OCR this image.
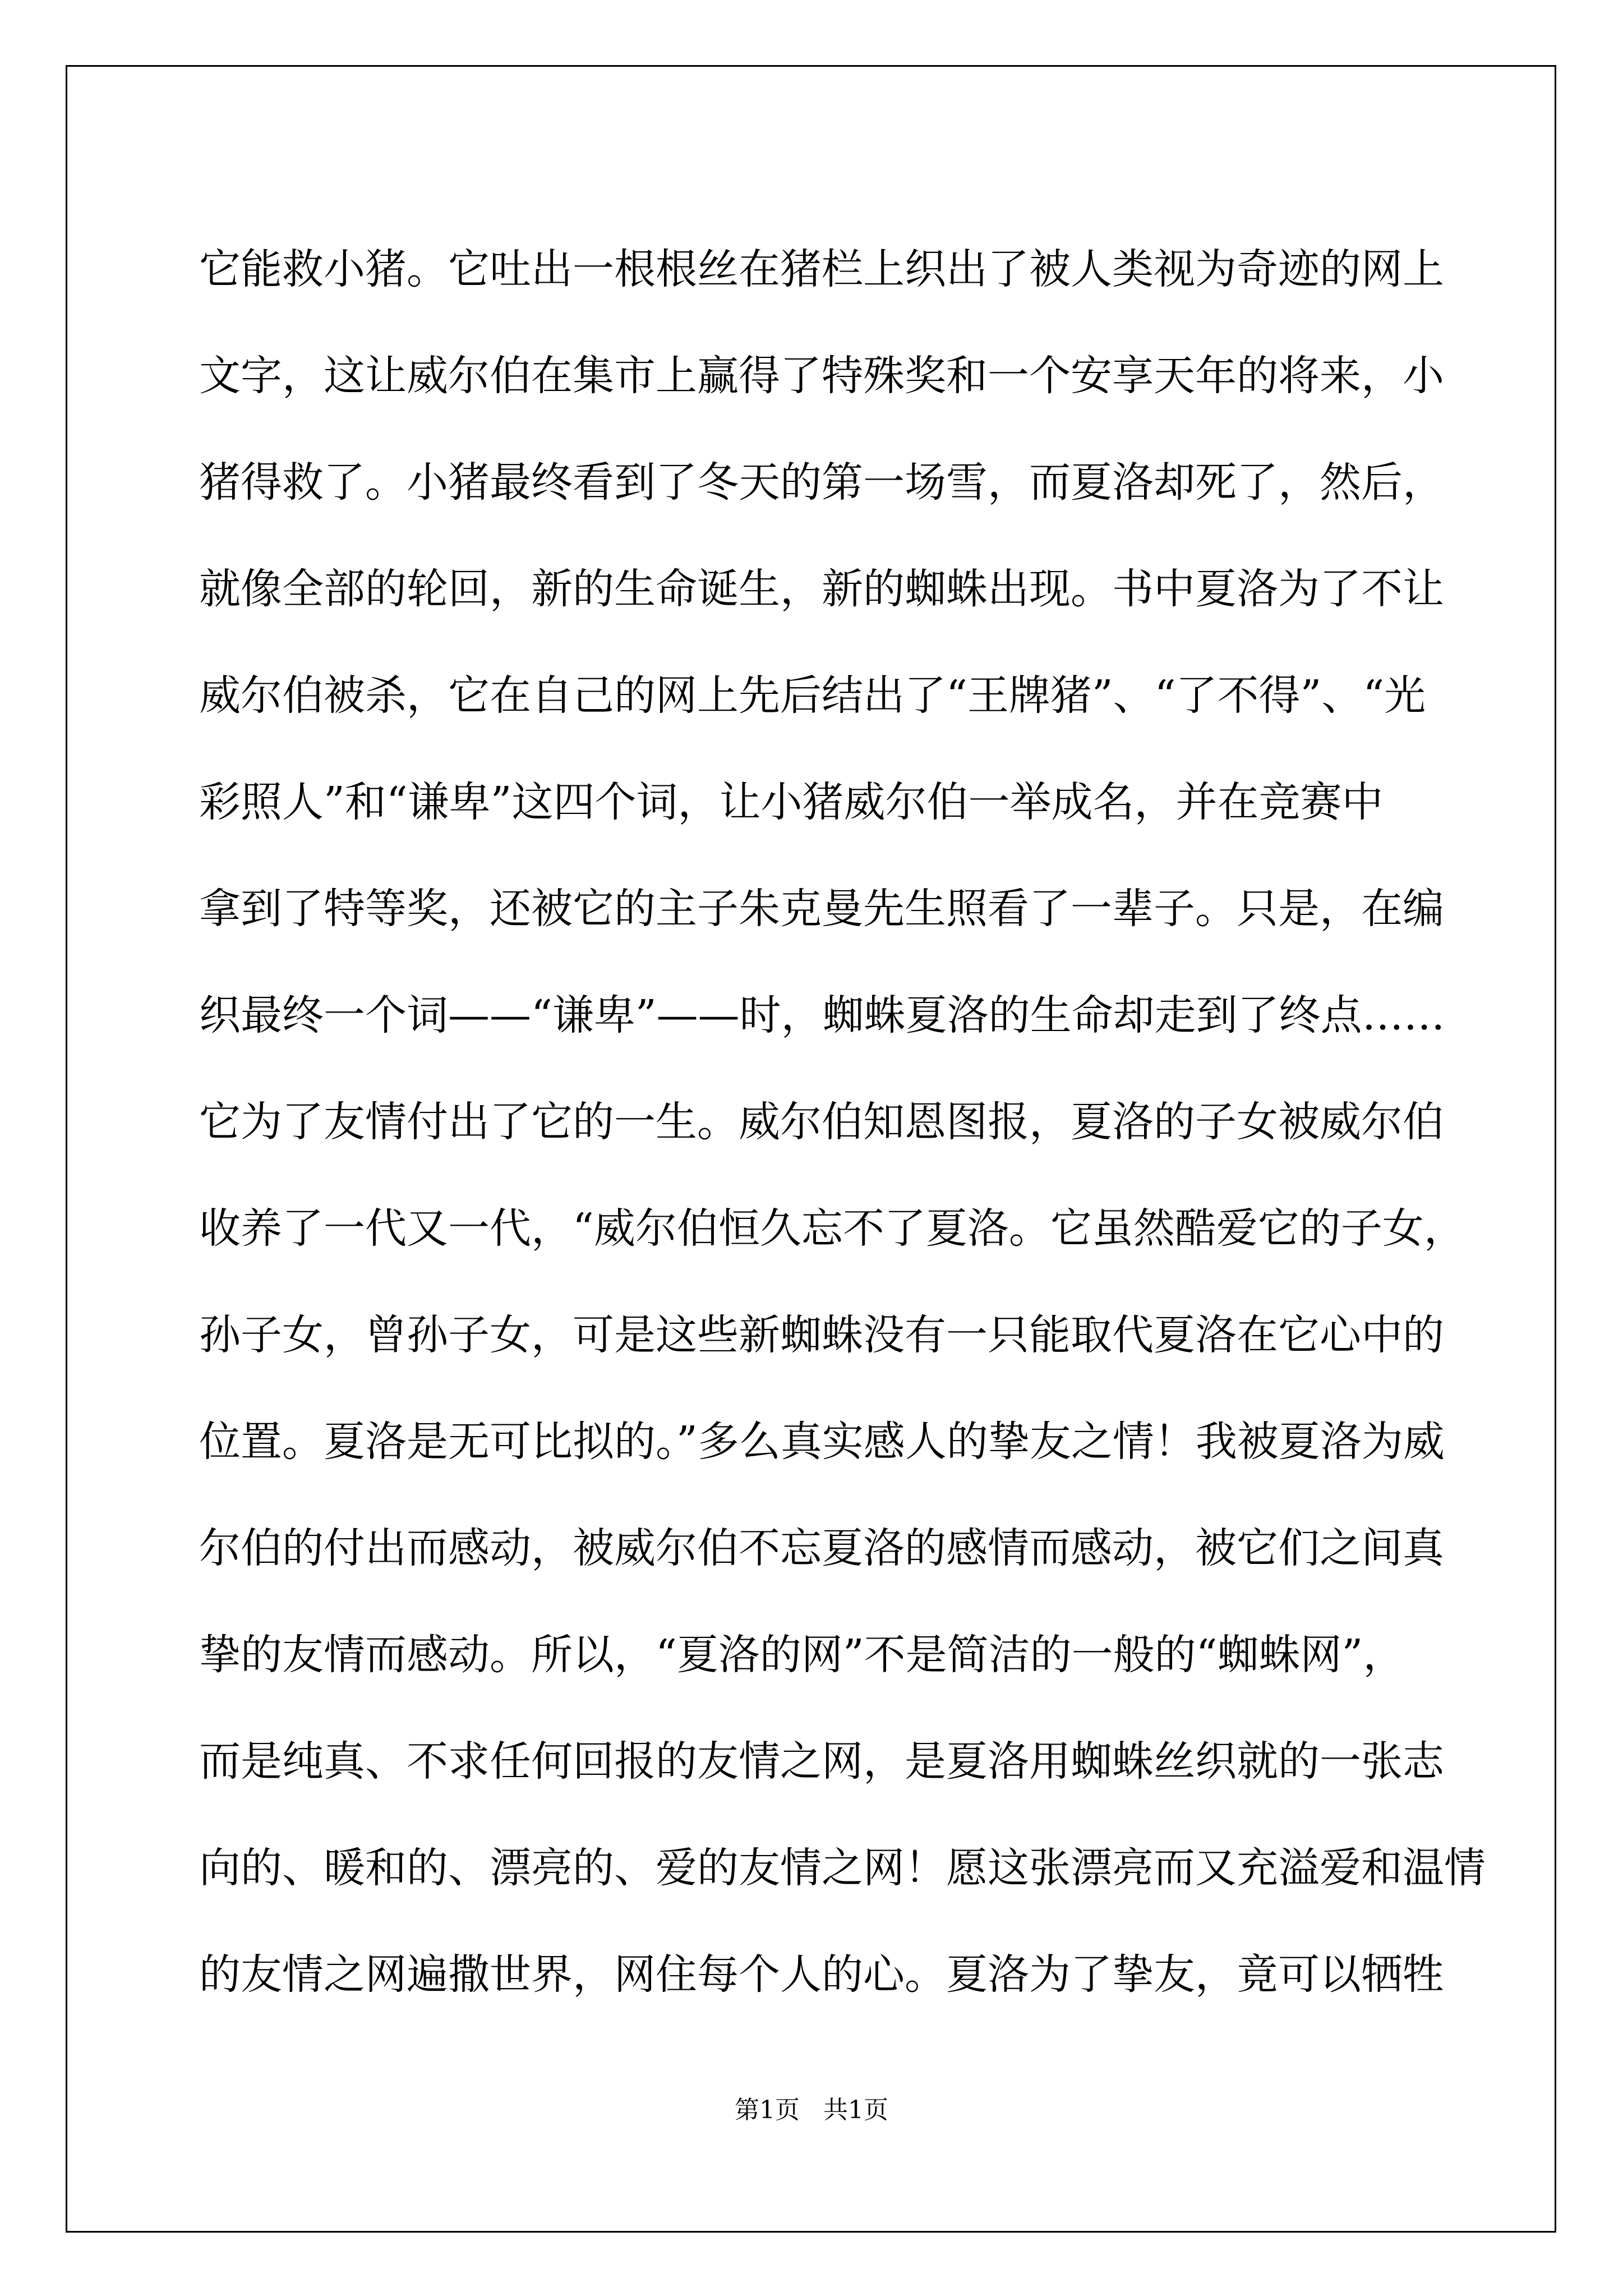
它能救小猪。它吐出一根根丝在猪栏上织出了被人类视为奇迹的网上
文字，这让威尔伯在集市上赢得了特殊奖和一个安享天年的将来，小
猪得救了。小猪最终看到了冬天的第一场雪，而夏洛却死了，然后，
就像全部的轮回，新的生命诞生，新的蜘蛛出现。书中夏洛为了不让
威尔伯被杀，它在自己的网上先后结出了“王牌猪”、“了不得”、“光
彩照人”和“谦卑”这四个词，让小猪威尔伯一举成名，并在竞赛中
拿到了特等奖，还被它的主子朱克曼先生照看了一辈子。只是，在编
织最终一个词——“谦卑”——时，蜘蛛夏洛的生命却走到了终点……
它为了友情付出了它的一生。威尔伯知恩图报，夏洛的子女被威尔伯
收养了一代又一代，“威尔伯恒久忘不了夏洛。它虽然酷爱它的子女，
孙子女，曾孙子女，可是这些新蜘蛛没有一只能取代夏洛在它心中的
位置。夏洛是无可比拟的。”多么真实感人的挚友之情！我被夏洛为威
尔伯的付出而感动，被威尔伯不忘夏洛的感情而感动，被它们之间真
挚的友情而感动。所以，“夏洛的网”不是简洁的一般的“蜘蛛网”，
而是纯真、不求任何回报的友情之网，是夏洛用蜘蛛丝织就的一张志
向的、暖和的、漂亮的、爱的友情之网！愿这张漂亮而又充溢爱和温情
的友情之网遍撒世界，网住每个人的心。夏洛为了挚友，竟可以牺牲
第1页 共1页
